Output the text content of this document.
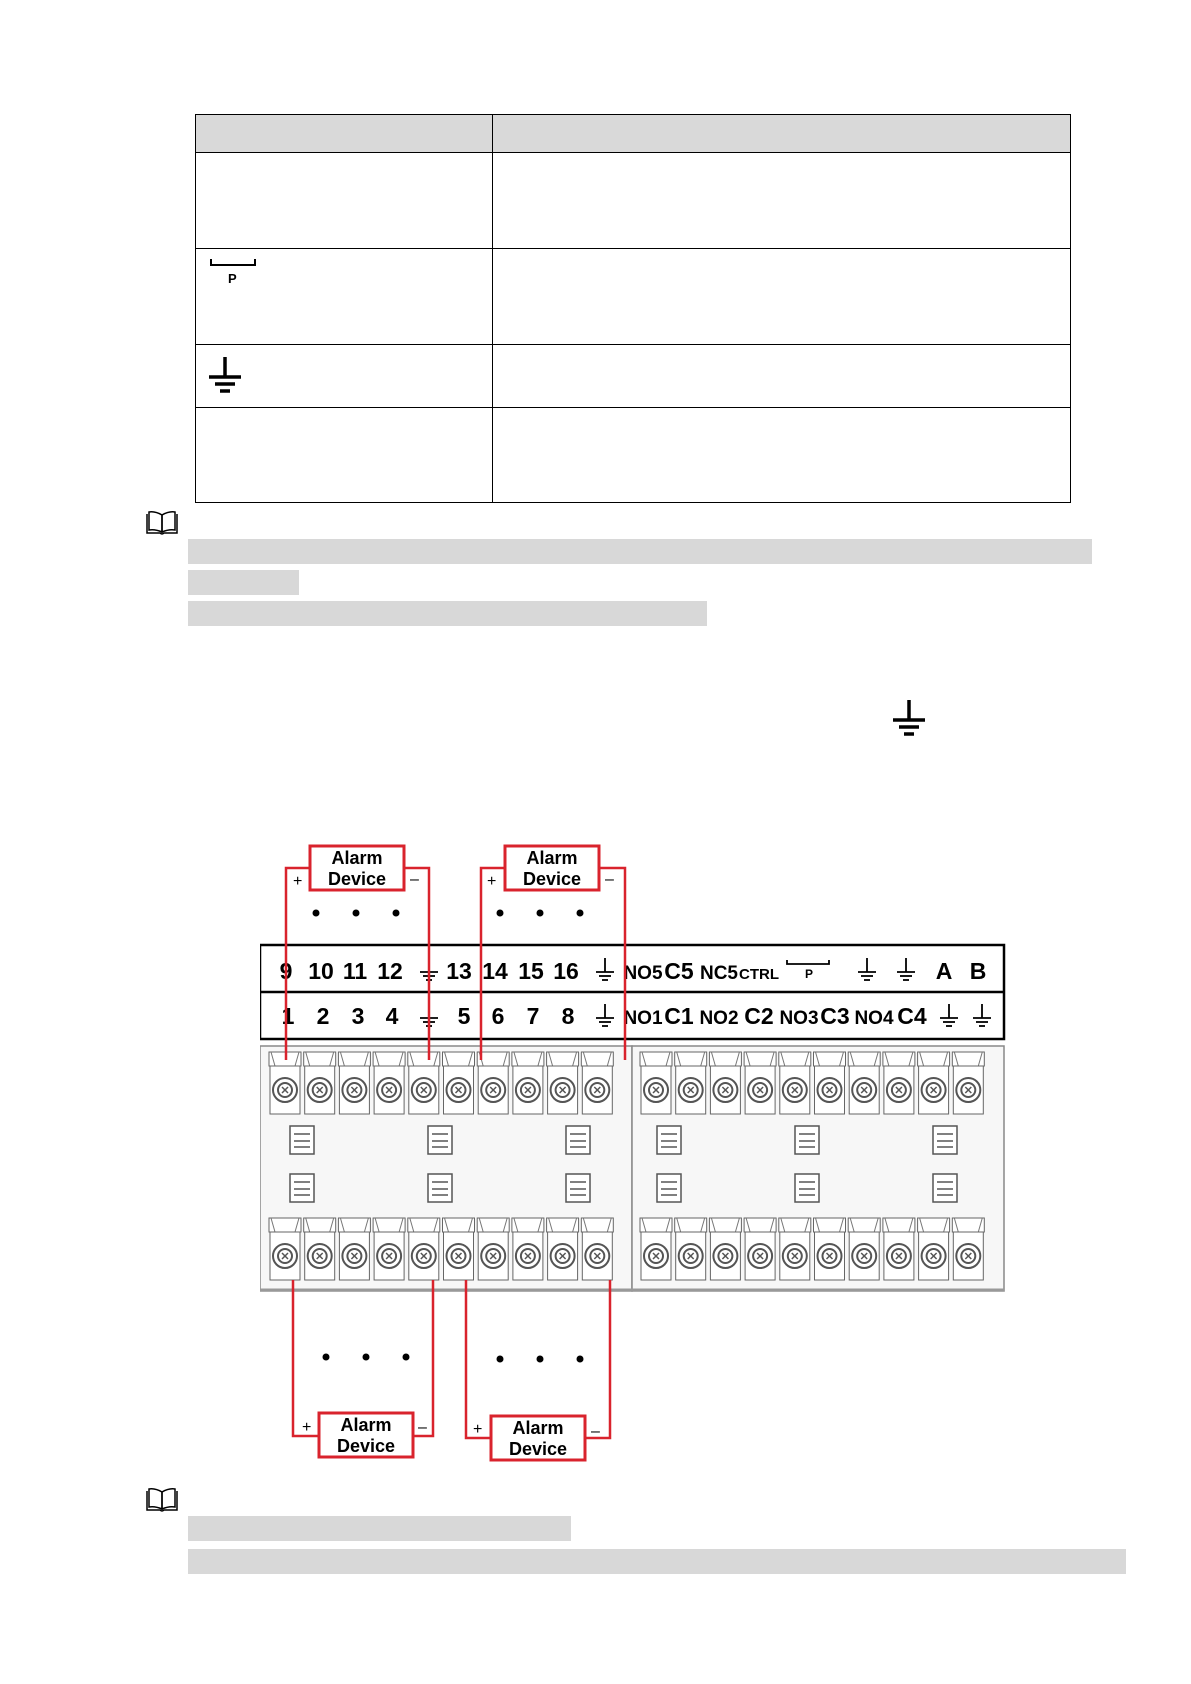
P
9 10 11 12 13 14 15 16 NO5 C5 NC5 CTRL P	A B
1 2 3 4	5 6 7 8	NO1 C1 NO2 C2 NO3 C3 NO4 C4
Alarm
Device
+	–
Alarm
Device
+	–
Alarm
Device
+	–	Alarm
Device
+	–
